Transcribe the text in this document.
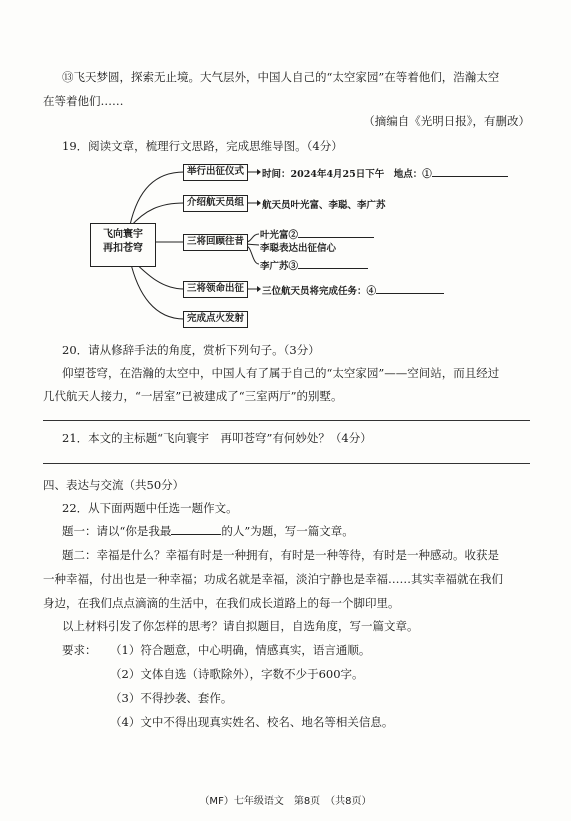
⑬飞天梦圆，探索无止境。大气层外，中国人自己的“太空家园”在等着他们，浩瀚太空
在等着他们……
（摘编自《光明日报》，有删改）
19．阅读文章，梳理行文思路，完成思维导图。（4分）
飞向寰宇
再扣苍穹
举行出征仪式	时间：2024年4月25日下午　地点：①
介绍航天员组	航天员叶光富、李聪、李广苏
三将回顾往昔
叶光富②
李聪表达出征信心
李广苏③
三将领命出征	三位航天员将完成任务：④
完成点火发射
20．请从修辞手法的角度，赏析下列句子。（3分）
仰望苍穹，在浩瀚的太空中，中国人有了属于自己的“太空家园”——空间站，而且经过
几代航天人接力，“一居室”已被建成了“三室两厅”的别墅。
21．本文的主标题“飞向寰宇　再叩苍穹”有何妙处？（4分）
四、表达与交流（共50分）
22．从下面两题中任选一题作文。
题一：请以“你是我最	的人”为题，写一篇文章。
题二：幸福是什么？幸福有时是一种拥有，有时是一种等待，有时是一种感动。收获是
一种幸福，付出也是一种幸福；功成名就是幸福，淡泊宁静也是幸福……其实幸福就在我们
身边，在我们点点滴滴的生活中，在我们成长道路上的每一个脚印里。
以上材料引发了你怎样的思考？请自拟题目，自选角度，写一篇文章。
要求： （1）符合题意，中心明确，情感真实，语言通顺。
（2）文体自选（诗歌除外），字数不少于600字。
（3）不得抄袭、套作。
（4）文中不得出现真实姓名、校名、地名等相关信息。
（MF）七年级语文　第8页　（共8页）
